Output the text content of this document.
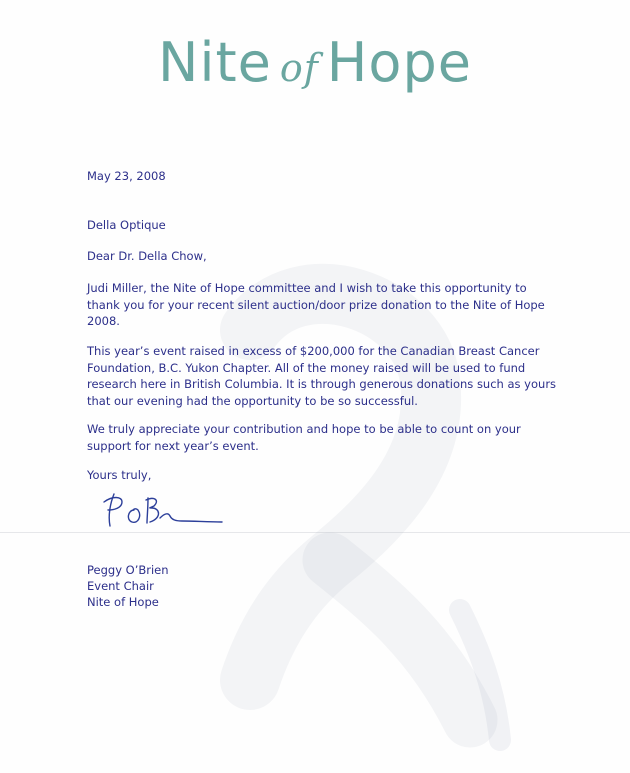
Nite of Hope

May 23, 2008

Della Optique

Dear Dr. Della Chow,

Judi Miller, the Nite of Hope committee and I wish to take this opportunity to thank you for your recent silent auction/door prize donation to the Nite of Hope 2008.

This year’s event raised in excess of $200,000 for the Canadian Breast Cancer Foundation, B.C. Yukon Chapter. All of the money raised will be used to fund research here in British Columbia. It is through generous donations such as yours that our evening had the opportunity to be so successful.

We truly appreciate your contribution and hope to be able to count on your support for next year’s event.

Yours truly,

Peggy O’Brien
Event Chair
Nite of Hope
